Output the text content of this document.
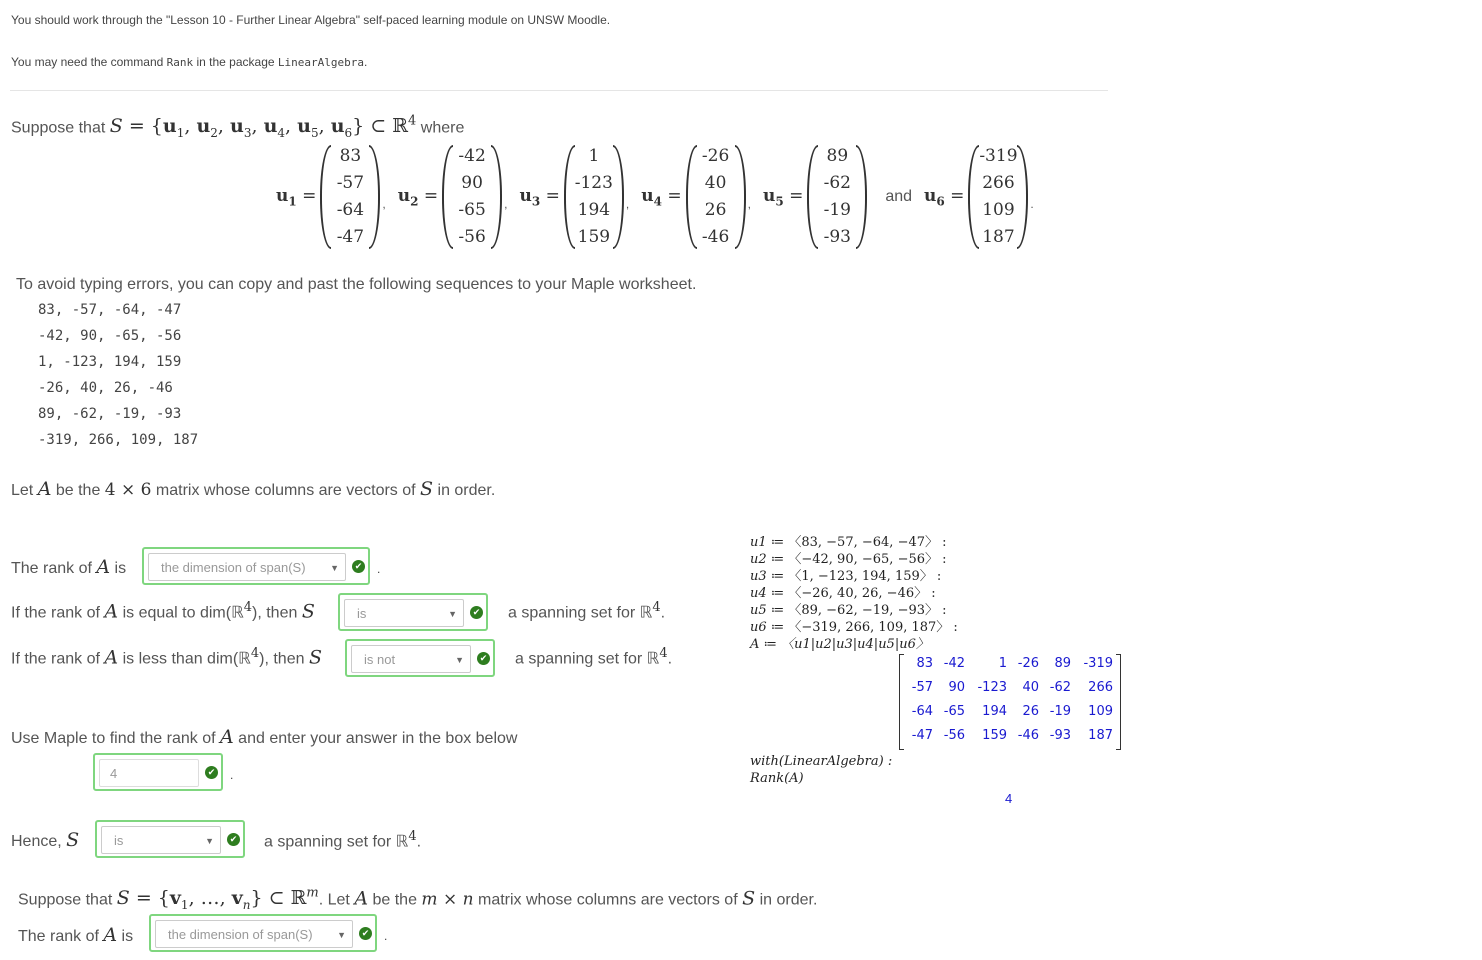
You should work through the "Lesson 10 - Further Linear Algebra" self-paced learning module on UNSW Moodle.
You may need the command Rank in the package LinearAlgebra.
Suppose that $S = \{u_1$, $u_2$, $u_3$, $u_4$, $u_5$, $u_6$} ⊂ ℝ$^4$ where
$u_1$ =
83
-57
-64
-47
, $u_2$ =
-42
90
-65
-56
, $u_3$ =
1
-123
194
159
, $u_4$ =
-26
40
26
-46
, $u_5$ =
89
-62
-19
-93
and $u_6$ =
-319
266
109
187
.
To avoid typing errors, you can copy and past the following sequences to your Maple worksheet.
83, -57, -64, -47
-42, 90, -65, -56
1, -123, 194, 159
-26, 40, 26, -46
89, -62, -19, -93
-319, 266, 109, 187
Let A be the 4 × 6 matrix whose columns are vectors of S in order.
The rank of A is	the dimension of span(S)	▼	✔ .
If the rank of A is equal to dim(ℝ$^4$), then S	is	▼	✔ a spanning set for ℝ$^4$.
If the rank of A is less than dim(ℝ$^4$), then S	is not	▼	✔ a spanning set for ℝ$^4$.
Use Maple to find the rank of A and enter your answer in the box below
4	✔ .
Hence, S	is	▼	✔ a spanning set for ℝ$^4$.
Suppose that $S = \{v_1$, …, $v_n$} ⊂ ℝ$^m$. Let A be the m × n matrix whose columns are vectors of S in order.
The rank of A is	the dimension of span(S)	▼	✔ .
u1 ≔ 〈83, −57, −64, −47〉 :
u2 ≔ 〈−42, 90, −65, −56〉 :
u3 ≔ 〈1, −123, 194, 159〉 :
u4 ≔ 〈−26, 40, 26, −46〉 :
u5 ≔ 〈89, −62, −19, −93〉 :
u6 ≔ 〈−319, 266, 109, 187〉 :
A ≔ 〈u1|u2|u3|u4|u5|u6〉
83 -42	1 -26	89 -319
-57	90 -123	40 -62	266
-64 -65	194	26 -19	109
-47 -56	159 -46 -93	187
with(LinearAlgebra) :
Rank(A)
4
